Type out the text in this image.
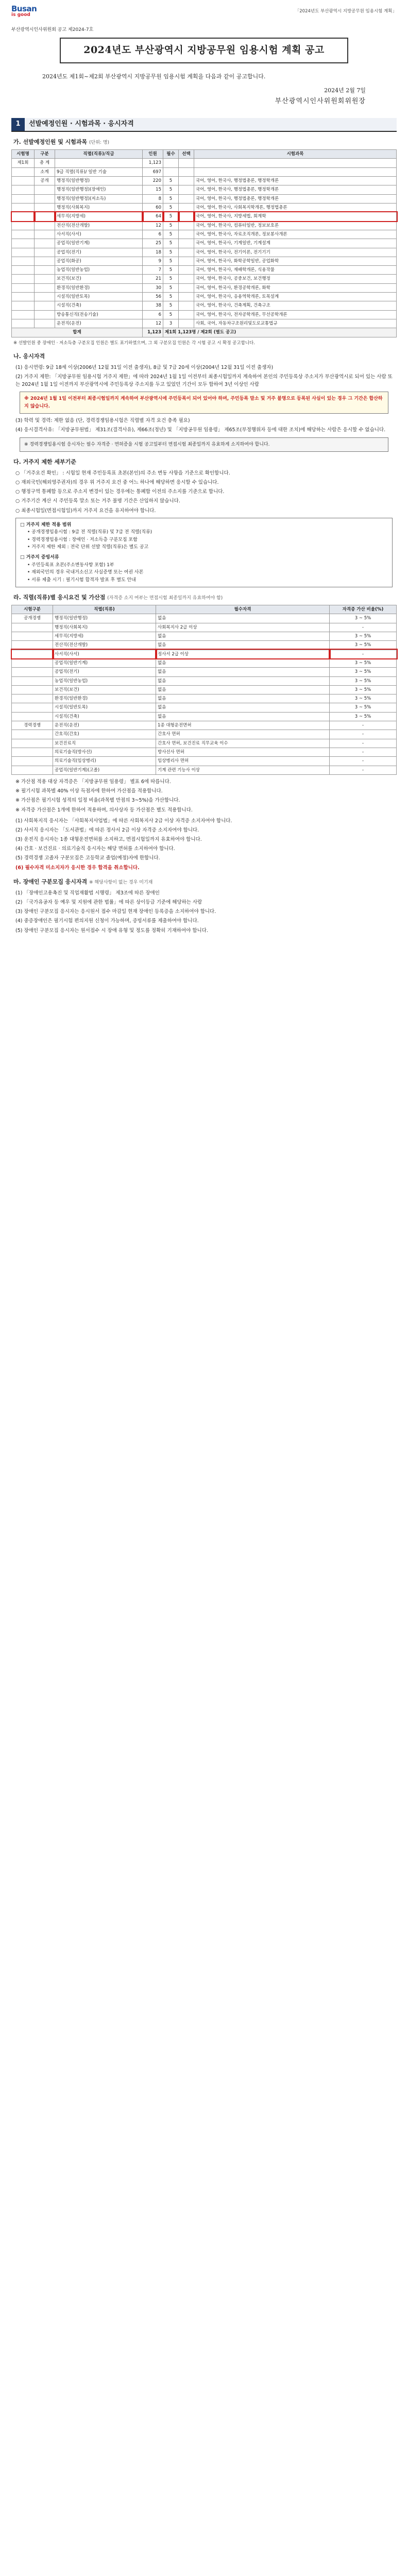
Busan
is good
「2024년도 부산광역시 지방공무원 임용시험 계획」
부산광역시인사위원회 공고 제2024-7호
2024년도 부산광역시 지방공무원 임용시험 계획 공고

2024년도 제1회~제2회 부산광역시 지방공무원 임용시험 계획을 다음과 같이 공고합니다.

2024년 2월 7일

부산광역시인사위원회위원장

1	선발예정인원 · 시험과목 · 응시자격
가. 선발예정인원 및 시험과목 (단위: 명)
시험명	구분	직렬(직류)/직급	인원	필수	선택	시험과목
제1회	총 계		1,123			
	소계	9급 직렬(직류)/ 일반 기술	697			
	공개	행정직(일반행정)	220	5		국어, 영어, 한국사, 행정법총론, 행정학개론
		행정직(일반행정)(장애인)	15	5		국어, 영어, 한국사, 행정법총론, 행정학개론
		행정직(일반행정)(저소득)	8	5		국어, 영어, 한국사, 행정법총론, 행정학개론
		행정직(사회복지)	60	5		국어, 영어, 한국사, 사회복지학개론, 행정법총론
		세무직(지방세)	64	5		국어, 영어, 한국사, 지방세법, 회계학
		전산직(전산개발)	12	5		국어, 영어, 한국사, 컴퓨터일반, 정보보호론
		사서직(사서)	6	5		국어, 영어, 한국사, 자료조직개론, 정보봉사개론
		공업직(일반기계)	25	5		국어, 영어, 한국사, 기계일반, 기계설계
		공업직(전기)	18	5		국어, 영어, 한국사, 전기이론, 전기기기
		공업직(화공)	9	5		국어, 영어, 한국사, 화학공학일반, 공업화학
		농업직(일반농업)	7	5		국어, 영어, 한국사, 재배학개론, 식용작물
		보건직(보건)	21	5		국어, 영어, 한국사, 공중보건, 보건행정
		환경직(일반환경)	30	5		국어, 영어, 한국사, 환경공학개론, 화학
		시설직(일반토목)	56	5		국어, 영어, 한국사, 응용역학개론, 토목설계
		시설직(건축)	38	5		국어, 영어, 한국사, 건축계획, 건축구조
		방송통신직(전송기술)	6	5		국어, 영어, 한국사, 전자공학개론, 무선공학개론
		운전직(운전)	12	3		사회, 국어, 자동차구조원리및도로교통법규
합계			1,123	제1회 1,123명 / 제2회 (별도 공고)		

※ 선발인원 중 장애인 · 저소득층 구분모집 인원은 별도 표기하였으며, 그 외 구분모집 인원은 각 시험 공고 시 확정 공고합니다.

나. 응시자격

(1) 응시연령: 9급 18세 이상(2006년 12월 31일 이전 출생자), 8급 및 7급 20세 이상(2004년 12월 31일 이전 출생자)

(2) 거주지 제한: 「지방공무원 임용시험 거주지 제한」에 따라 2024년 1월 1일 이전부터 최종시험일까지 계속하여 본인의 주민등록상 주소지가 부산광역시로 되어 있는 사람 또는 2024년 1월 1일 이전까지 부산광역시에 주민등록상 주소지를 두고 있었던 기간이 모두 합하여 3년 이상인 사람

※ 2024년 1월 1일 이전부터 최종시험일까지 계속하여 부산광역시에 주민등록이 되어 있어야 하며, 주민등록 말소 및 거주 불명으로 등록된 사실이 있는 경우 그 기간은 합산하지 않습니다.

(3) 학력 및 경력: 제한 없음 (단, 경력경쟁임용시험은 직렬별 자격 요건 충족 필요)

(4) 응시결격사유: 「지방공무원법」 제31조(결격사유), 제66조(정년) 및 「지방공무원 임용령」 제65조(부정행위자 등에 대한 조치)에 해당하는 사람은 응시할 수 없습니다.

※ 경력경쟁임용시험 응시자는 필수 자격증 · 면허증을 시험 공고일부터 면접시험 최종일까지 유효하게 소지하여야 합니다.
다. 거주지 제한 세부기준

○ 「거주요건 확인」 : 시험일 현재 주민등록표 초본(본인)의 주소 변동 사항을 기준으로 확인합니다.

○ 재외국민(해외영주권자)의 경우 위 거주지 요건 중 어느 하나에 해당하면 응시할 수 있습니다.

○ 행정구역 통폐합 등으로 주소지 변경이 있는 경우에는 통폐합 이전의 주소지를 기준으로 합니다.

○ 거주기간 계산 시 주민등록 말소 또는 거주 불명 기간은 산입하지 않습니다.

○ 최종시험일(면접시험일)까지 거주지 요건을 유지하여야 합니다.

□ 거주지 제한 적용 범위

• 공개경쟁임용시험 : 9급 전 직렬(직류) 및 7급 전 직렬(직류)

• 경력경쟁임용시험 : 장애인 · 저소득층 구분모집 포함

• 거주지 제한 제외 : 전국 단위 선발 직렬(직류)은 별도 공고

□ 거주지 증빙서류

• 주민등록표 초본(주소변동사항 포함) 1부

• 재외국민의 경우 국내거소신고 사실증명 또는 여권 사본

• 서류 제출 시기 : 필기시험 합격자 발표 후 별도 안내

라. 직렬(직류)별 응시요건 및 가산점 (자격증 소지 여부는 면접시험 최종일까지 유효하여야 함)
시험구분	직렬(직류)	필수자격	자격증 가산 비율(%)
공개경쟁	행정직(일반행정)	없음	3 ~ 5%
	행정직(사회복지)	사회복지사 2급 이상	-
	세무직(지방세)	없음	3 ~ 5%
	전산직(전산개발)	없음	3 ~ 5%
	사서직(사서)	정사서 2급 이상	-
	공업직(일반기계)	없음	3 ~ 5%
	공업직(전기)	없음	3 ~ 5%
	농업직(일반농업)	없음	3 ~ 5%
	보건직(보건)	없음	3 ~ 5%
	환경직(일반환경)	없음	3 ~ 5%
	시설직(일반토목)	없음	3 ~ 5%
	시설직(건축)	없음	3 ~ 5%
경력경쟁	운전직(운전)	1종 대형운전면허	-
	간호직(간호)	간호사 면허	-
	보건진료직	간호사 면허, 보건진료 직무교육 이수	-
	의료기술직(방사선)	방사선사 면허	-
	의료기술직(임상병리)	임상병리사 면허	-
	공업직(일반기계)(고졸)	기계 관련 기능사 이상	-

※ 가산점 적용 대상 자격증은 「지방공무원 임용령」 별표 6에 따릅니다.

※ 필기시험 과목별 40% 이상 득점자에 한하여 가산점을 적용합니다.

※ 가산점은 필기시험 성적의 일정 비율(과목별 만점의 3~5%)을 가산합니다.

※ 자격증 가산점은 1개에 한하여 적용하며, 의사상자 등 가산점은 별도 적용합니다.

(1) 사회복지직 응시자는 「사회복지사업법」에 따른 사회복지사 2급 이상 자격증 소지자여야 합니다.

(2) 사서직 응시자는 「도서관법」에 따른 정사서 2급 이상 자격증 소지자여야 합니다.

(3) 운전직 응시자는 1종 대형운전면허를 소지하고, 면접시험일까지 유효하여야 합니다.

(4) 간호 · 보건진료 · 의료기술직 응시자는 해당 면허를 소지하여야 합니다.

(5) 경력경쟁 고졸자 구분모집은 고등학교 졸업(예정)자에 한합니다.

(6) 필수자격 미소지자가 응시한 경우 합격을 취소합니다.

마. 장애인 구분모집 응시자격 ※ 해당사항이 없는 경우 미기재

(1) 「장애인고용촉진 및 직업재활법 시행령」 제3조에 따른 장애인

(2) 「국가유공자 등 예우 및 지원에 관한 법률」에 따른 상이등급 기준에 해당하는 사람

(3) 장애인 구분모집 응시자는 응시원서 접수 마감일 현재 장애인 등록증을 소지하여야 합니다.

(4) 중증장애인은 필기시험 편의지원 신청이 가능하며, 증빙서류를 제출하여야 합니다.

(5) 장애인 구분모집 응시자는 원서접수 시 장애 유형 및 정도를 정확히 기재하여야 합니다.
